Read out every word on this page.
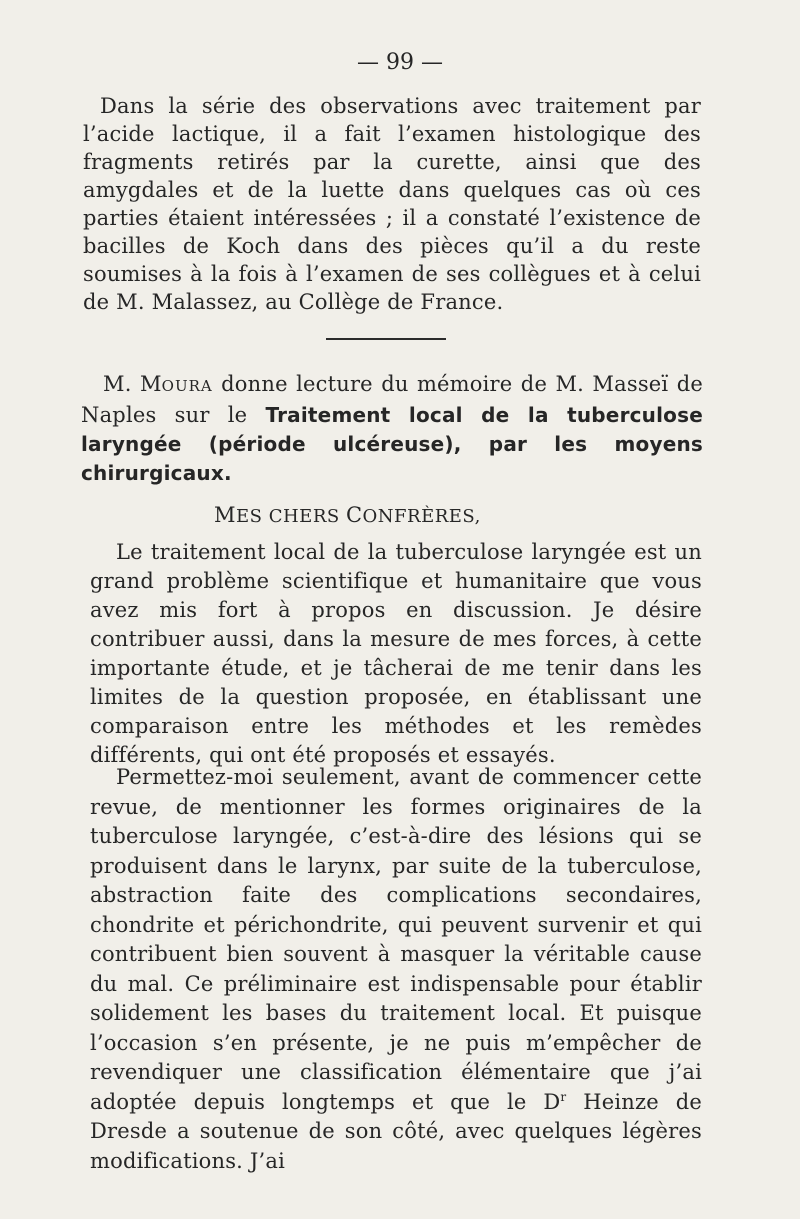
— 99 —

Dans la série des observations avec traitement par l’acide lactique, il a fait l’examen histologique des fragments retirés par la curette, ainsi que des amygdales et de la luette dans quelques cas où ces parties étaient intéressées ; il a constaté l’existence de bacilles de Koch dans des pièces qu’il a du reste soumises à la fois à l’examen de ses collègues et à celui de M. Malassez, au Collège de France.

M. MOURA donne lecture du mémoire de M. Masseï de Naples sur le Traitement local de la tuberculose laryngée (période ulcéreuse), par les moyens chirurgicaux.

MES CHERS CONFRÈRES,

Le traitement local de la tuberculose laryngée est un grand problème scientifique et humanitaire que vous avez mis fort à propos en discussion. Je désire contribuer aussi, dans la mesure de mes forces, à cette importante étude, et je tâcherai de me tenir dans les limites de la question proposée, en établissant une comparaison entre les méthodes et les remèdes différents, qui ont été proposés et essayés.

Permettez-moi seulement, avant de commencer cette revue, de mentionner les formes originaires de la tuberculose laryngée, c’est-à-dire des lésions qui se produisent dans le larynx, par suite de la tuberculose, abstraction faite des complications secondaires, chondrite et périchondrite, qui peuvent survenir et qui contribuent bien souvent à masquer la véritable cause du mal. Ce préliminaire est indispensable pour établir solidement les bases du traitement local. Et puisque l’occasion s’en présente, je ne puis m’empêcher de revendiquer une classification élémentaire que j’ai adoptée depuis longtemps et que le $D^r$ Heinze de Dresde a soutenue de son côté, avec quelques légères modifications. J’ai
